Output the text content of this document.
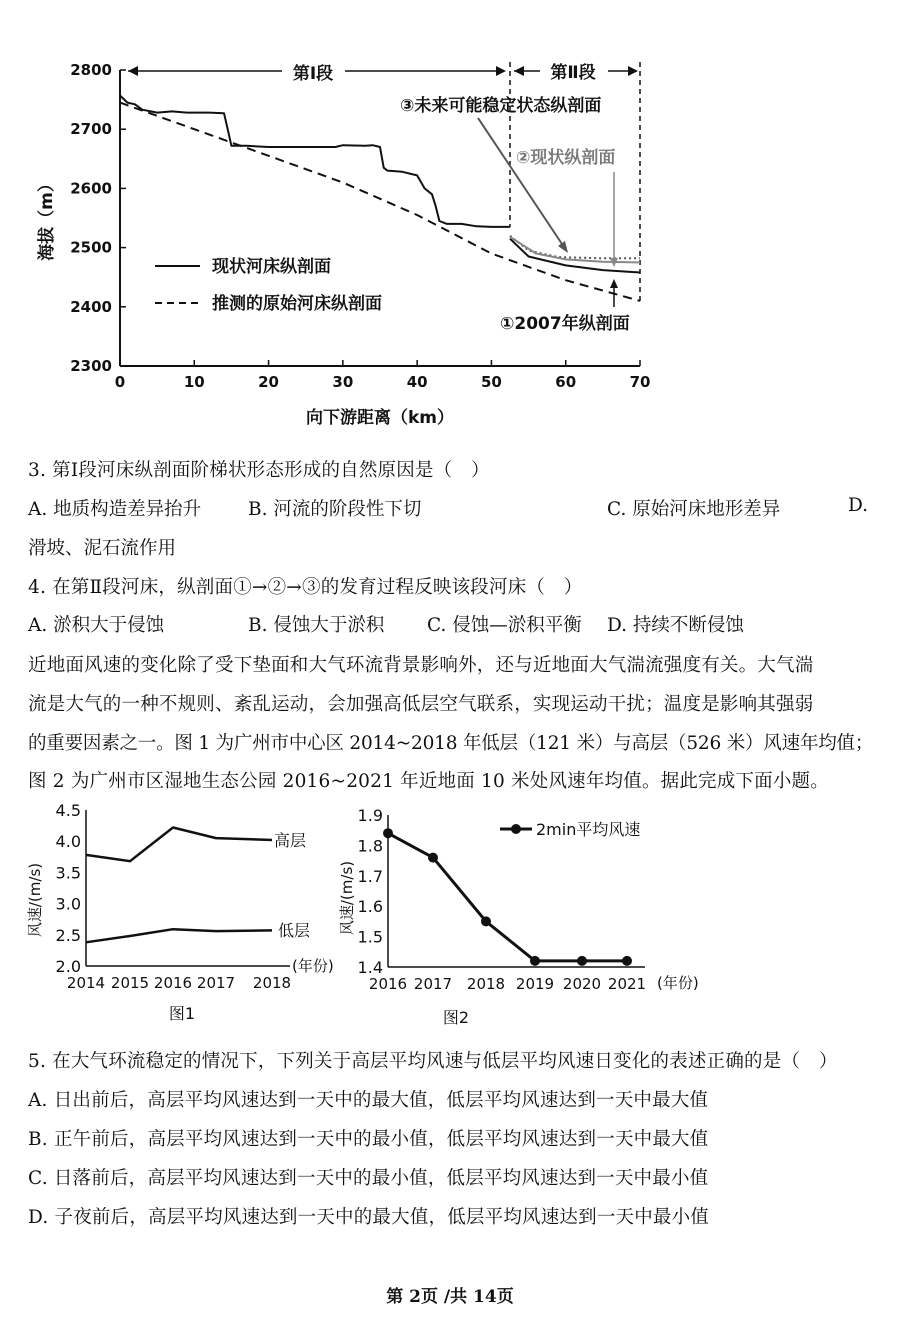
2300
2400
2500
2600
2700
2800
0	10	20	30	40	50	60	70
海拔（m）
向下游距离（km）
第Ⅰ段	第Ⅱ段
现状河床纵剖面
推测的原始河床纵剖面
③未来可能稳定状态纵剖面
②现状纵剖面
①2007年纵剖面
3. 第Ⅰ段河床纵剖面阶梯状形态形成的自然原因是（　）
A. 地质构造差异抬升	B. 河流的阶段性下切	C. 原始河床地形差异	D.
滑坡、泥石流作用
4. 在第Ⅱ段河床，纵剖面①→②→③的发育过程反映该段河床（　）
A. 淤积大于侵蚀	B. 侵蚀大于淤积 C. 侵蚀—淤积平衡 D. 持续不断侵蚀
近地面风速的变化除了受下垫面和大气环流背景影响外，还与近地面大气湍流强度有关。大气湍
流是大气的一种不规则、紊乱运动，会加强高低层空气联系，实现运动干扰；温度是影响其强弱
的重要因素之一。图 1 为广州市中心区 2014~2018 年低层（121 米）与高层（526 米）风速年均值；
图 2 为广州市区湿地生态公园 2016~2021 年近地面 10 米处风速年均值。据此完成下面小题。
4.5
4.0
3.5
3.0
2.5
2.0
2014 2015 2016 2017 2018
风速/(m/s)
(年份)
高层
低层
图1
1.9
1.8
1.7
1.6
1.5
1.4
2016 2017 2018 2019 2020 2021
风速/(m/s)
(年份)
2min平均风速
图2
5. 在大气环流稳定的情况下，下列关于高层平均风速与低层平均风速日变化的表述正确的是（　）
A. 日出前后，高层平均风速达到一天中的最大值，低层平均风速达到一天中最大值
B. 正午前后，高层平均风速达到一天中的最小值，低层平均风速达到一天中最大值
C. 日落前后，高层平均风速达到一天中的最小值，低层平均风速达到一天中最小值
D. 子夜前后，高层平均风速达到一天中的最大值，低层平均风速达到一天中最小值
第 2页 /共 14页
